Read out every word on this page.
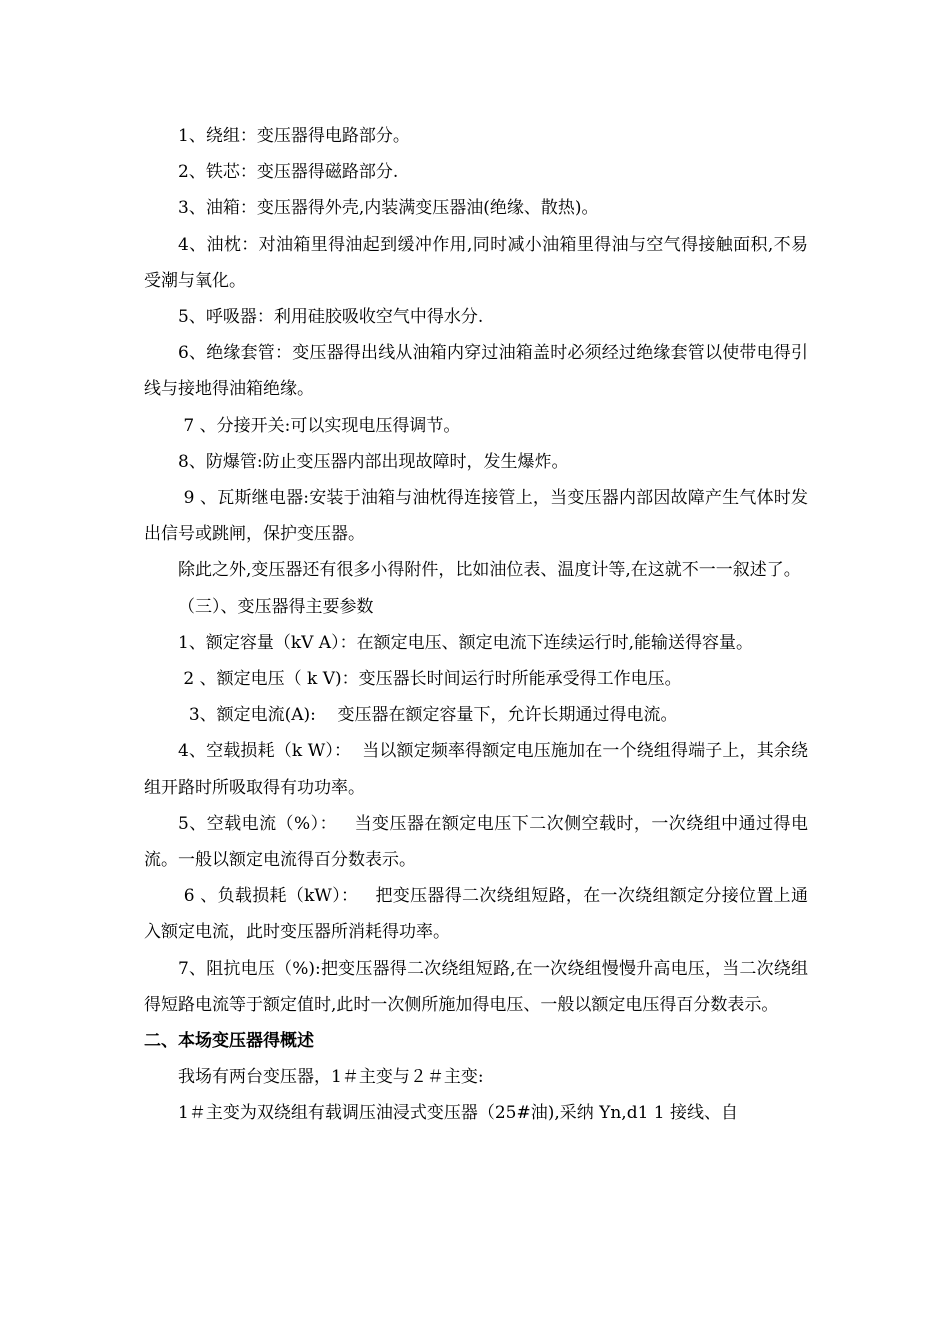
1、绕组：变压器得电路部分。

2、铁芯：变压器得磁路部分.

3、油箱：变压器得外壳,内装满变压器油(绝缘、散热)。

4、油枕：对油箱里得油起到缓冲作用,同时减小油箱里得油与空气得接触面积,不易受潮与氧化。

5、呼吸器：利用硅胶吸收空气中得水分.

6、绝缘套管：变压器得出线从油箱内穿过油箱盖时必须经过绝缘套管以使带电得引线与接地得油箱绝缘。

7 、分接开关:可以实现电压得调节。

8、防爆管:防止变压器内部出现故障时，发生爆炸。

9 、瓦斯继电器:安装于油箱与油枕得连接管上，当变压器内部因故障产生气体时发出信号或跳闸，保护变压器。

除此之外,变压器还有很多小得附件，比如油位表、温度计等,在这就不一一叙述了。

（三）、变压器得主要参数

1、额定容量（kV A）：在额定电压、额定电流下连续运行时,能输送得容量。

2 、额定电压（ k V)：变压器长时间运行时所能承受得工作电压。

3、额定电流(A):    变压器在额定容量下，允许长期通过得电流。

4、空载损耗（k W）：  当以额定频率得额定电压施加在一个绕组得端子上，其余绕组开路时所吸取得有功功率。

5、空载电流（%）：   当变压器在额定电压下二次侧空载时，一次绕组中通过得电流。一般以额定电流得百分数表示。

6 、负载损耗（kW）：   把变压器得二次绕组短路，在一次绕组额定分接位置上通入额定电流，此时变压器所消耗得功率。

7、阻抗电压（%):把变压器得二次绕组短路,在一次绕组慢慢升高电压，当二次绕组得短路电流等于额定值时,此时一次侧所施加得电压、一般以额定电压得百分数表示。

二、本场变压器得概述

我场有两台变压器，1＃主变与２＃主变:

1＃主变为双绕组有载调压油浸式变压器（25#油),采纳 Yn,d1 1 接线、自
